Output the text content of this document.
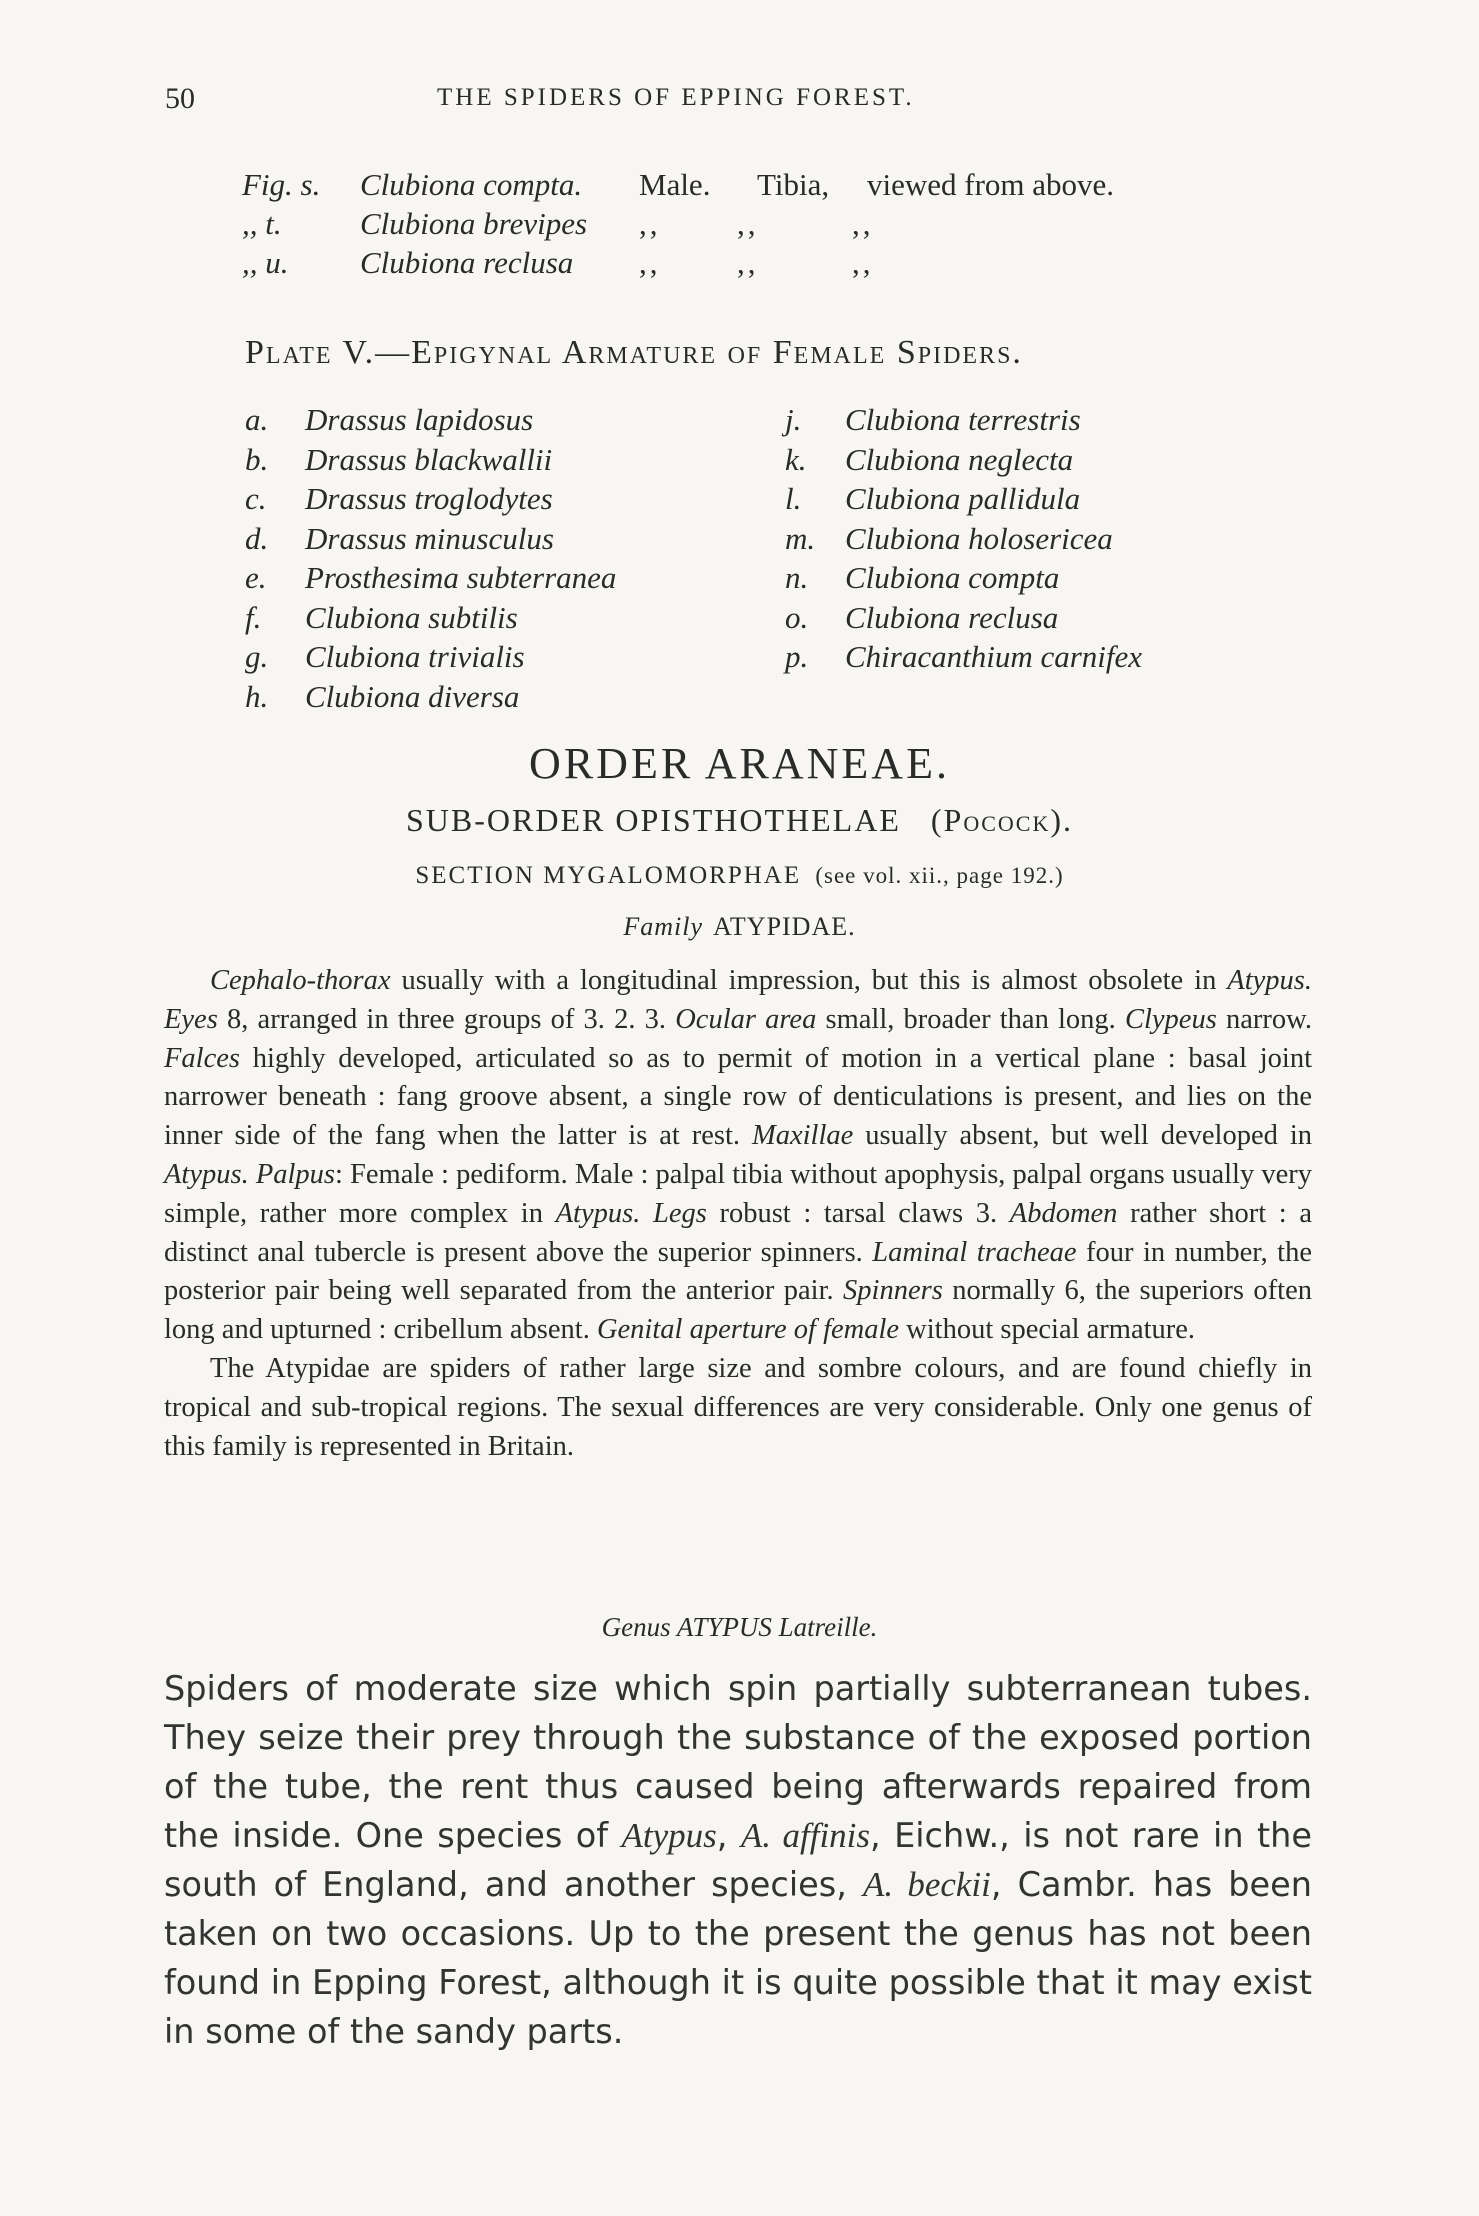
50	THE SPIDERS OF EPPING FOREST.
Fig. s. Clubiona compta. Male. Tibia, viewed from above.
,, t.	Clubiona brevipes ,, ,,	,,
,, u. Clubiona reclusa ,, ,,	,,
Plate V.—Epigynal Armature of Female Spiders.
a. Drassus lapidosus
b. Drassus blackwallii
c. Drassus troglodytes
d. Drassus minusculus
e. Prosthesima subterranea
f. Clubiona subtilis
g. Clubiona trivialis
h. Clubiona diversa
j. Clubiona terrestris
k. Clubiona neglecta
l. Clubiona pallidula
m. Clubiona holosericea
n. Clubiona compta
o. Clubiona reclusa
p. Chiracanthium carnifex
ORDER ARANEAE.
SUB-ORDER OPISTHOTHELAE (Pocock).
SECTION MYGALOMORPHAE (see vol. xii., page 192.)
Family ATYPIDAE.

Cephalo-thorax usually with a longitudinal impression, but this is almost obsolete in Atypus. Eyes 8, arranged in three groups of 3. 2. 3. Ocular area small, broader than long. Clypeus narrow. Falces highly developed, articulated so as to permit of motion in a vertical plane : basal joint narrower beneath : fang groove absent, a single row of denticulations is present, and lies on the inner side of the fang when the latter is at rest. Maxillae usually absent, but well developed in Atypus. Palpus: Female : pediform. Male : palpal tibia without apophysis, palpal organs usually very simple, rather more complex in Atypus. Legs robust : tarsal claws 3. Abdomen rather short : a distinct anal tubercle is present above the superior spinners. Laminal tracheae four in number, the posterior pair being well separated from the anterior pair. Spinners normally 6, the superiors often long and upturned : cribellum absent. Genital aperture of female without special armature.

The Atypidae are spiders of rather large size and sombre colours, and are found chiefly in tropical and sub-tropical regions. The sexual differences are very considerable. Only one genus of this family is represented in Britain.

Genus ATYPUS Latreille.

Spiders of moderate size which spin partially subterranean tubes. They seize their prey through the substance of the exposed portion of the tube, the rent thus caused being afterwards repaired from the inside. One species of Atypus, A. affinis, Eichw., is not rare in the south of England, and another species, A. beckii, Cambr. has been taken on two occasions. Up to the present the genus has not been found in Epping Forest, although it is quite possible that it may exist in some of the sandy parts.
